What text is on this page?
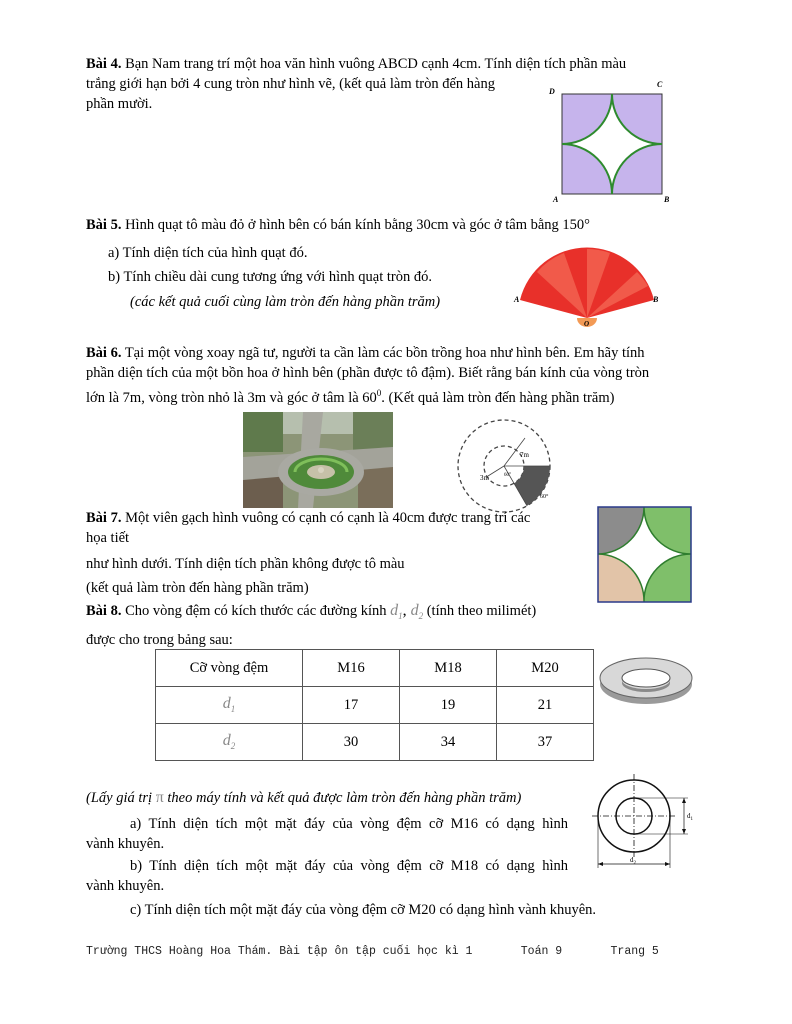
Bài 4. Bạn Nam trang trí một hoa văn hình vuông ABCD cạnh 4cm. Tính diện tích phần màu
trắng giới hạn bởi 4 cung tròn như hình vẽ, (kết quả làm tròn đến hàng
phần mười.
D
C
A	B
Bài 5. Hình quạt tô màu đỏ ở hình bên có bán kính bằng 30cm và góc ở tâm bằng 150°
a) Tính diện tích của hình quạt đó.
b) Tính chiều dài cung tương ứng với hình quạt tròn đó.
(các kết quả cuối cùng làm tròn đến hàng phần trăm)	A	B
O
Bài 6. Tại một vòng xoay ngã tư, người ta cần làm các bồn trồng hoa như hình bên. Em hãy tính
phần diện tích của một bồn hoa ở hình bên (phần được tô đậm). Biết rằng bán kính của vòng tròn
lớn là 7m, vòng tròn nhỏ là 3m và góc ở tâm là $60^0$. (Kết quả làm tròn đến hàng phần trăm)
7m
3m	60°
60°
Bài 7. Một viên gạch hình vuông có cạnh có cạnh là 40cm được trang trí các
họa tiết
như hình dưới. Tính diện tích phần không được tô màu
(kết quả làm tròn đến hàng phần trăm)
Bài 8. Cho vòng đệm có kích thước các đường kính $d_1$, $d_2$ (tính theo milimét)
được cho trong bảng sau:
Cỡ vòng đệm	M16	M18	M20
$d_1$	17	19	21
$d_2$	30	34	37
(Lấy giá trị π theo máy tính và kết quả được làm tròn đến hàng phần trăm)
a) Tính diện tích một mặt đáy của vòng đệm cỡ M16 có dạng hình
vành khuyên.
b) Tính diện tích một mặt đáy của vòng đệm cỡ M18 có dạng hình
vành khuyên.
c) Tính diện tích một mặt đáy của vòng đệm cỡ M20 có dạng hình vành khuyên.
$d_1$
$d_2$
Trường THCS Hoàng Hoa Thám. Bài tập ôn tập cuối học kì 1	Toán 9	Trang 5
